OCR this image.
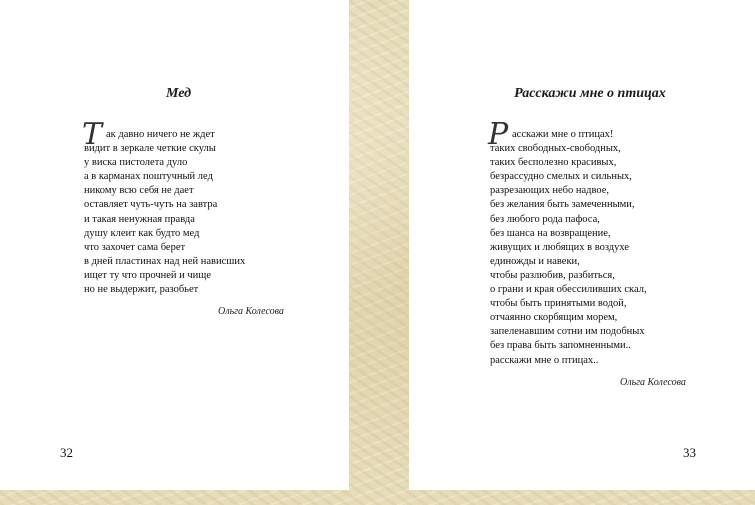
Мед
Т ак давно ничего не ждет
видит в зеркале четкие скулы
у виска пистолета дуло
а в карманах поштучный лед
никому всю себя не дает
оставляет чуть-чуть на завтра
и такая ненужная правда
душу клеит как будто мед
что захочет сама берет
в дней пластинах над ней нависших
ищет ту что прочней и чище
но не выдержит, разобьет
Ольга Колесова
32
Расскажи мне о птицах
Р асскажи мне о птицах!
таких свободных-свободных,
таких бесполезно красивых,
безрассудно смелых и сильных,
разрезающих небо надвое,
без желания быть замеченными,
без любого рода пафоса,
без шанса на возвращение,
живущих и любящих в воздухе
единожды и навеки,
чтобы разлюбив, разбиться,
о грани и края обессиливших скал,
чтобы быть принятыми водой,
отчаянно скорбящим морем,
запеленавшим сотни им подобных
без права быть запомненными..
расскажи мне о птицах..
Ольга Колесова
33
